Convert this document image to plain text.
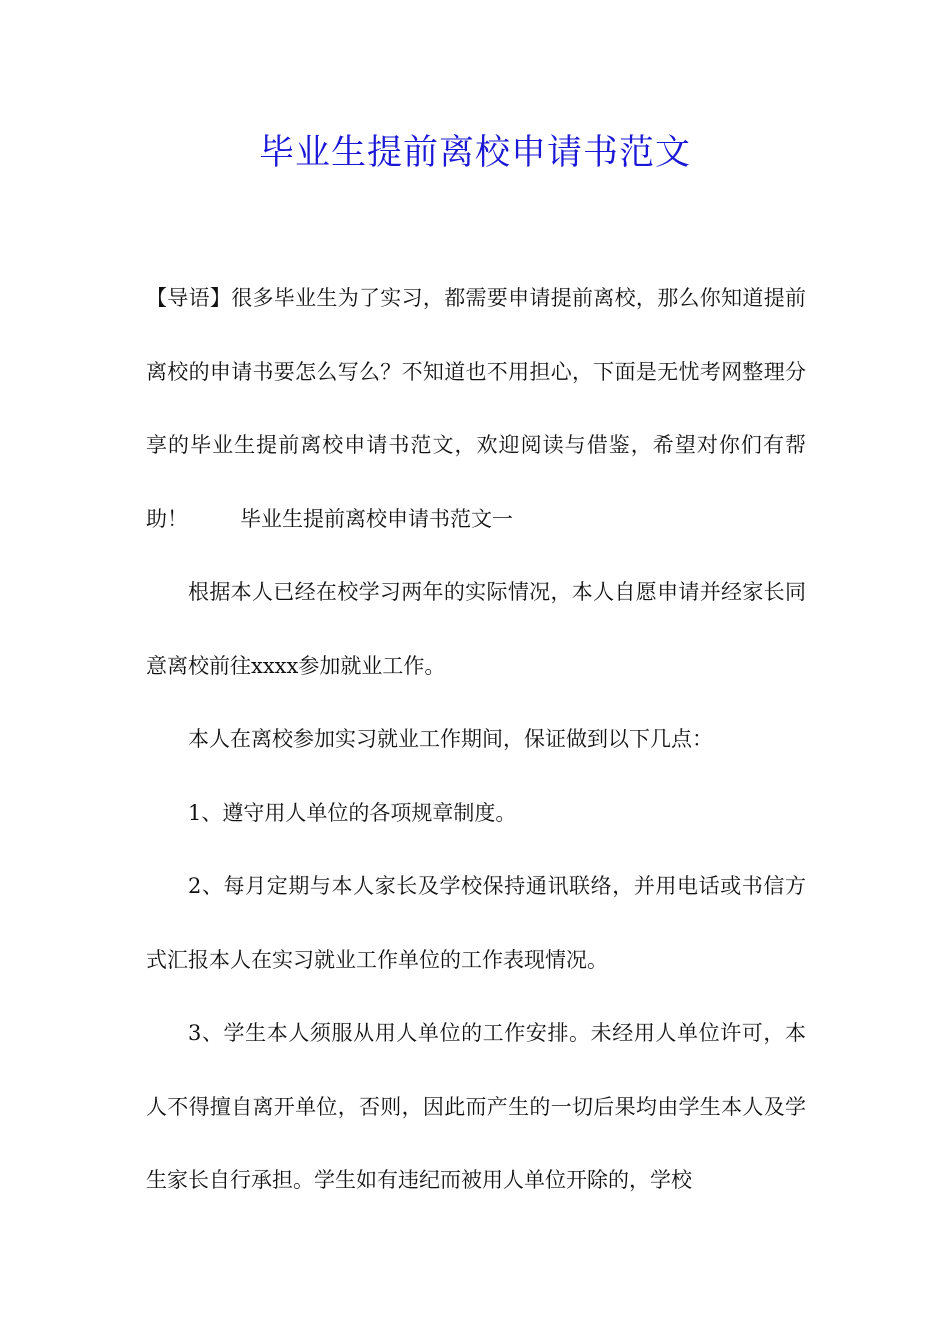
毕业生提前离校申请书范文

【导语】很多毕业生为了实习，都需要申请提前离校，那么你知道提前离校的申请书要怎么写么？不知道也不用担心，下面是无忧考网整理分享的毕业生提前离校申请书范文，欢迎阅读与借鉴，希望对你们有帮助！ 毕业生提前离校申请书范文一

根据本人已经在校学习两年的实际情况，本人自愿申请并经家长同意离校前往xxxx参加就业工作。

本人在离校参加实习就业工作期间，保证做到以下几点：

1、遵守用人单位的各项规章制度。

2、每月定期与本人家长及学校保持通讯联络，并用电话或书信方式汇报本人在实习就业工作单位的工作表现情况。

3、学生本人须服从用人单位的工作安排。未经用人单位许可，本人不得擅自离开单位，否则，因此而产生的一切后果均由学生本人及学生家长自行承担。学生如有违纪而被用人单位开除的，学校
